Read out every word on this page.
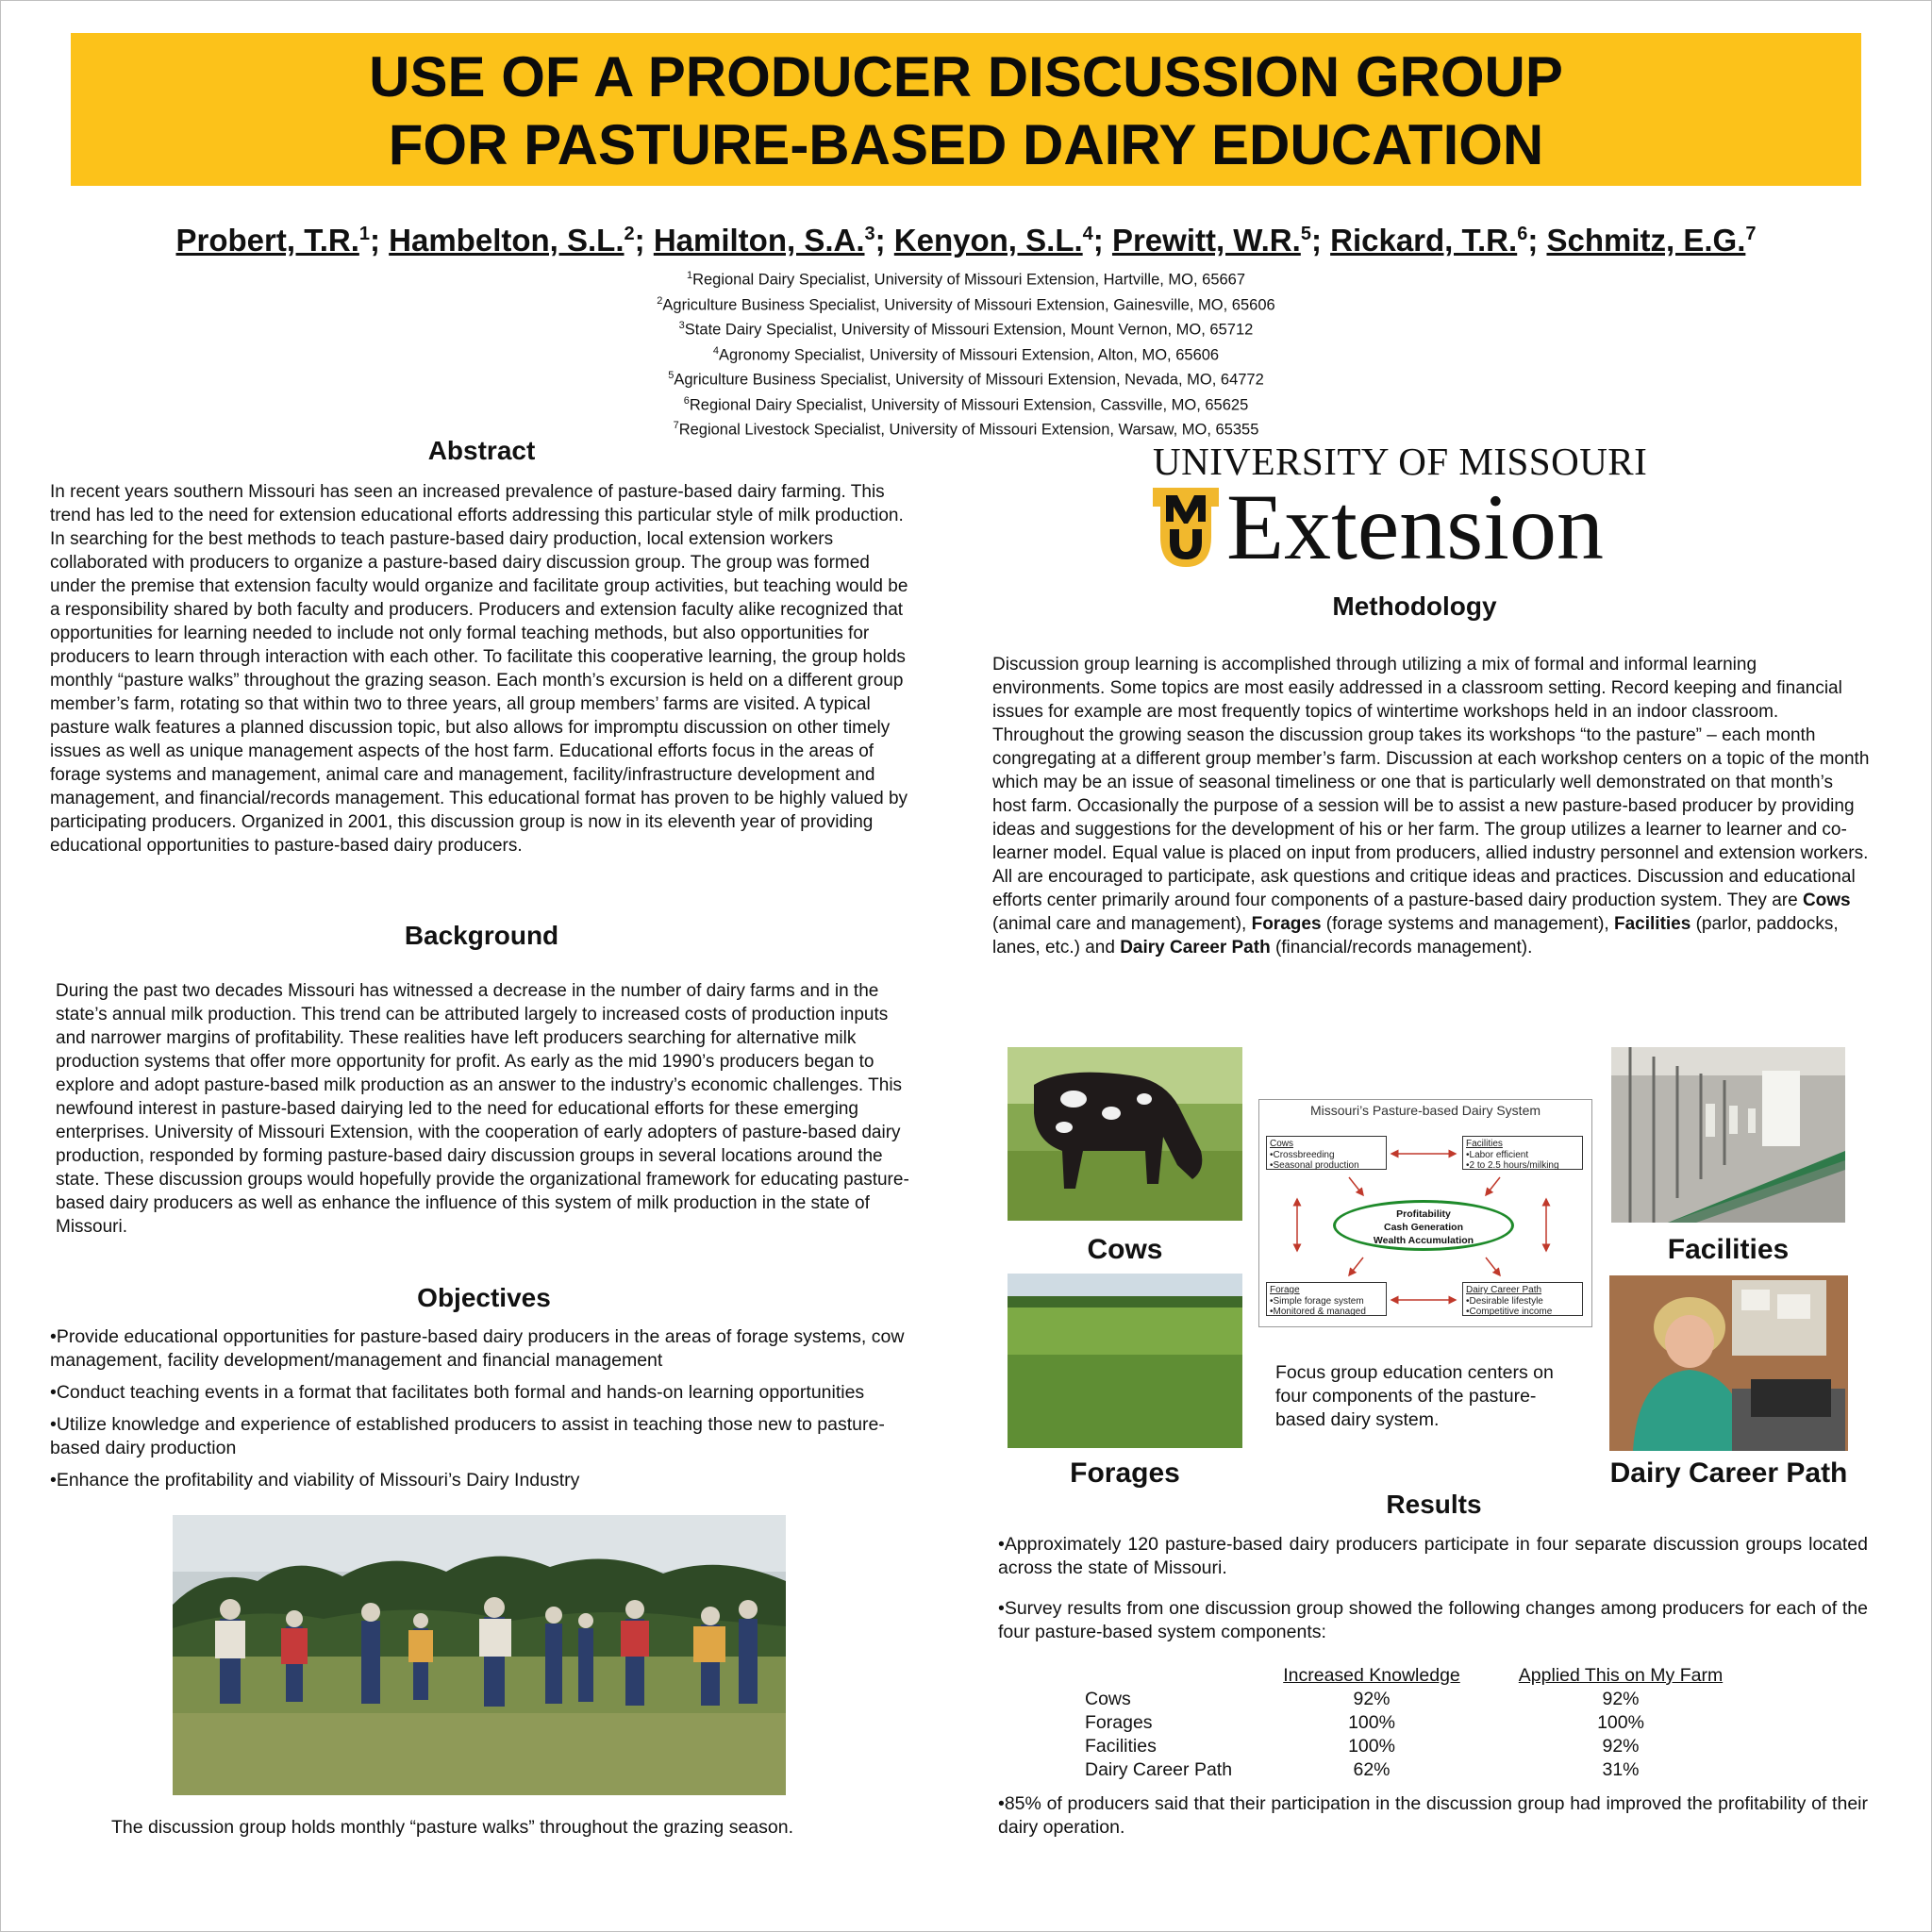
USE OF A PRODUCER DISCUSSION GROUP
FOR PASTURE-BASED DAIRY EDUCATION
Probert, T.R.$^1$; Hambelton, S.L.$^2$; Hamilton, S.A.$^3$; Kenyon, S.L.$^4$; Prewitt, W.R.$^5$; Rickard, T.R.$^6$; Schmitz, E.G.$^7$
$^1$Regional Dairy Specialist, University of Missouri Extension, Hartville, MO, 65667
$^2$Agriculture Business Specialist, University of Missouri Extension, Gainesville, MO, 65606
$^3$State Dairy Specialist, University of Missouri Extension, Mount Vernon, MO, 65712
$^4$Agronomy Specialist, University of Missouri Extension, Alton, MO, 65606
$^5$Agriculture Business Specialist, University of Missouri Extension, Nevada, MO, 64772
$^6$Regional Dairy Specialist, University of Missouri Extension, Cassville, MO, 65625
$^7$Regional Livestock Specialist, University of Missouri Extension, Warsaw, MO, 65355
Abstract
In recent years southern Missouri has seen an increased prevalence of pasture-based dairy farming. This trend has led to the need for extension educational efforts addressing this particular style of milk production. In searching for the best methods to teach pasture-based dairy production, local extension workers collaborated with producers to organize a pasture-based dairy discussion group. The group was formed under the premise that extension faculty would organize and facilitate group activities, but teaching would be a responsibility shared by both faculty and producers. Producers and extension faculty alike recognized that opportunities for learning needed to include not only formal teaching methods, but also opportunities for producers to learn through interaction with each other. To facilitate this cooperative learning, the group holds monthly “pasture walks” throughout the grazing season. Each month’s excursion is held on a different group member’s farm, rotating so that within two to three years, all group members’ farms are visited. A typical pasture walk features a planned discussion topic, but also allows for impromptu discussion on other timely issues as well as unique management aspects of the host farm. Educational efforts focus in the areas of forage systems and management, animal care and management, facility/infrastructure development and management, and financial/records management. This educational format has proven to be highly valued by participating producers. Organized in 2001, this discussion group is now in its eleventh year of providing educational opportunities to pasture-based dairy producers.
Background
During the past two decades Missouri has witnessed a decrease in the number of dairy farms and in the state’s annual milk production. This trend can be attributed largely to increased costs of production inputs and narrower margins of profitability. These realities have left producers searching for alternative milk production systems that offer more opportunity for profit. As early as the mid 1990’s producers began to explore and adopt pasture-based milk production as an answer to the industry’s economic challenges. This newfound interest in pasture-based dairying led to the need for educational efforts for these emerging enterprises. University of Missouri Extension, with the cooperation of early adopters of pasture-based dairy production, responded by forming pasture-based dairy discussion groups in several locations around the state. These discussion groups would hopefully provide the organizational framework for educating pasture-based dairy producers as well as enhance the influence of this system of milk production in the state of Missouri.
Objectives
•Provide educational opportunities for pasture-based dairy producers in the areas of forage systems, cow management, facility development/management and financial management
•Conduct teaching events in a format that facilitates both formal and hands-on learning opportunities
•Utilize knowledge and experience of established producers to assist in teaching those new to pasture-based dairy production
•Enhance the profitability and viability of Missouri’s Dairy Industry
The discussion group holds monthly “pasture walks” throughout the grazing season.
UNIVERSITY OF MISSOURI
Extension
Methodology
Discussion group learning is accomplished through utilizing a mix of formal and informal learning environments. Some topics are most easily addressed in a classroom setting. Record keeping and financial issues for example are most frequently topics of wintertime workshops held in an indoor classroom. Throughout the growing season the discussion group takes its workshops “to the pasture” – each month congregating at a different group member’s farm. Discussion at each workshop centers on a topic of the month which may be an issue of seasonal timeliness or one that is particularly well demonstrated on that month’s host farm. Occasionally the purpose of a session will be to assist a new pasture-based producer by providing ideas and suggestions for the development of his or her farm. The group utilizes a learner to learner and co-learner model. Equal value is placed on input from producers, allied industry personnel and extension workers. All are encouraged to participate, ask questions and critique ideas and practices. Discussion and educational efforts center primarily around four components of a pasture-based dairy production system. They are Cows (animal care and management), Forages (forage systems and management), Facilities (parlor, paddocks, lanes, etc.) and Dairy Career Path (financial/records management).
Cows
Forages
Missouri’s Pasture-based Dairy System
Cows
•Crossbreeding
•Seasonal production
Facilities
•Labor efficient
•2 to 2.5 hours/milking
Forage
•Simple forage system
•Monitored & managed
Dairy Career Path
•Desirable lifestyle
•Competitive income
Profitability
Cash Generation
Wealth Accumulation
Focus group education centers on four components of the pasture-based dairy system.
Facilities
Dairy Career Path
Results
•Approximately 120 pasture-based dairy producers participate in four separate discussion groups located across the state of Missouri.
•Survey results from one discussion group showed the following changes among producers for each of the four pasture-based system components:
Increased Knowledge	Applied This on My Farm
Cows	92%	92%
Forages	100%	100%
Facilities	100%	92%
Dairy Career Path	62%	31%
•85% of producers said that their participation in the discussion group had improved the profitability of their dairy operation.
